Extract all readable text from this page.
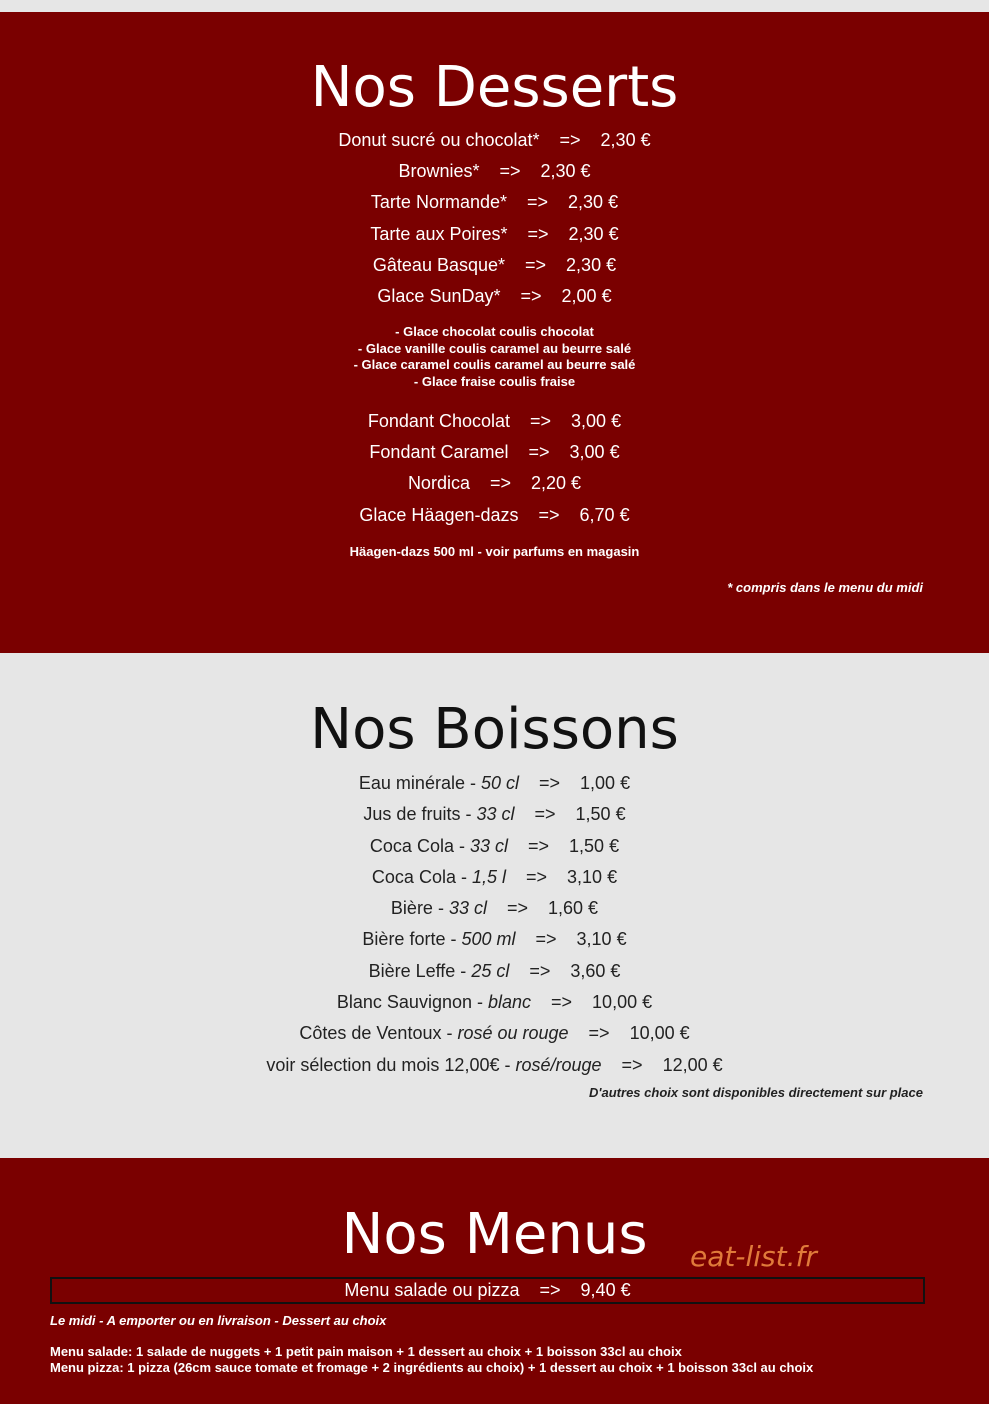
Nos Desserts
Donut sucré ou chocolat* => 2,30 €
Brownies* => 2,30 €
Tarte Normande* => 2,30 €
Tarte aux Poires* => 2,30 €
Gâteau Basque* => 2,30 €
Glace SunDay* => 2,00 €
- Glace chocolat coulis chocolat
- Glace vanille coulis caramel au beurre salé
- Glace caramel coulis caramel au beurre salé
- Glace fraise coulis fraise
Fondant Chocolat => 3,00 €
Fondant Caramel => 3,00 €
Nordica => 2,20 €
Glace Häagen-dazs => 6,70 €
Häagen-dazs 500 ml - voir parfums en magasin
* compris dans le menu du midi
Nos Boissons
Eau minérale - 50 cl => 1,00 €
Jus de fruits - 33 cl => 1,50 €
Coca Cola - 33 cl => 1,50 €
Coca Cola - 1,5 l => 3,10 €
Bière - 33 cl => 1,60 €
Bière forte - 500 ml => 3,10 €
Bière Leffe - 25 cl => 3,60 €
Blanc Sauvignon - blanc => 10,00 €
Côtes de Ventoux - rosé ou rouge => 10,00 €
voir sélection du mois 12,00€ - rosé/rouge => 12,00 €
D'autres choix sont disponibles directement sur place
Nos Menus	eat-list.fr
Menu salade ou pizza => 9,40 €
Le midi - A emporter ou en livraison - Dessert au choix
Menu salade: 1 salade de nuggets + 1 petit pain maison + 1 dessert au choix + 1 boisson 33cl au choix
Menu pizza: 1 pizza (26cm sauce tomate et fromage + 2 ingrédients au choix) + 1 dessert au choix + 1 boisson 33cl au choix
